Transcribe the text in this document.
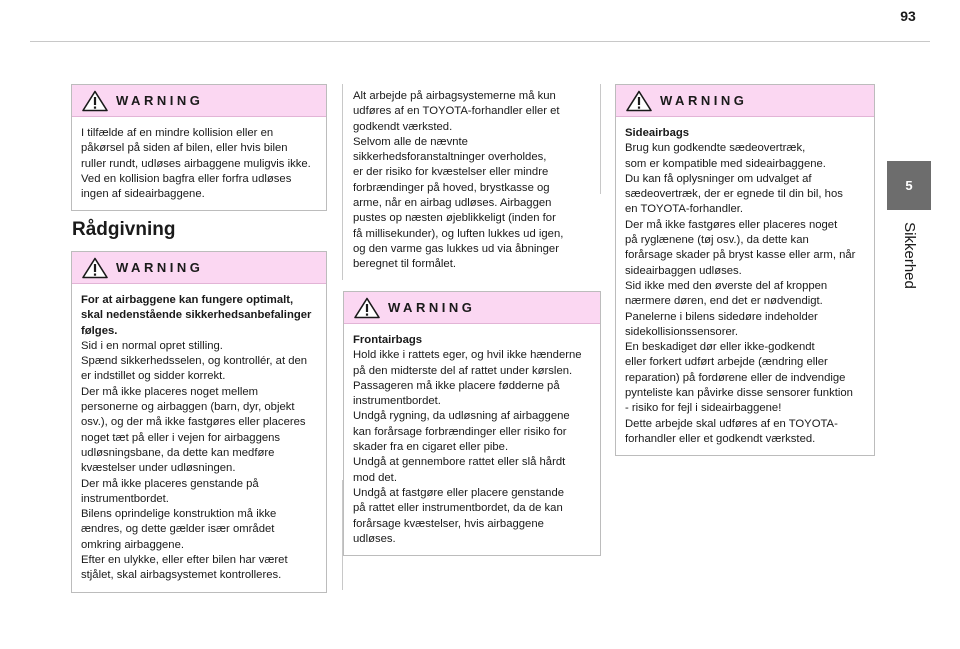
93
5
Sikkerhed
WARNING

I tilfælde af en mindre kollision eller en

påkørsel på siden af bilen, eller hvis bilen

ruller rundt, udløses airbaggene muligvis ikke.

Ved en kollision bagfra eller forfra udløses

ingen af sideairbaggene.

Rådgivning
WARNING

For at airbaggene kan fungere optimalt,

skal nedenstående sikkerhedsanbefalinger

følges.

Sid i en normal opret stilling.

Spænd sikkerhedsselen, og kontrollér, at den

er indstillet og sidder korrekt.

Der må ikke placeres noget mellem

personerne og airbaggen (barn, dyr, objekt

osv.), og der må ikke fastgøres eller placeres

noget tæt på eller i vejen for airbaggens

udløsningsbane, da dette kan medføre

kvæstelser under udløsningen.

Der må ikke placeres genstande på

instrumentbordet.

Bilens oprindelige konstruktion må ikke

ændres, og dette gælder især området

omkring airbaggene.

Efter en ulykke, eller efter bilen har været

stjålet, skal airbagsystemet kontrolleres.

Alt arbejde på airbagsystemerne må kun

udføres af en TOYOTA-forhandler eller et

godkendt værksted.

Selvom alle de nævnte

sikkerhedsforanstaltninger overholdes,

er der risiko for kvæstelser eller mindre

forbrændinger på hoved, brystkasse og

arme, når en airbag udløses. Airbaggen

pustes op næsten øjeblikkeligt (inden for

få millisekunder), og luften lukkes ud igen,

og den varme gas lukkes ud via åbninger

beregnet til formålet.

WARNING

Frontairbags

Hold ikke i rattets eger, og hvil ikke hænderne

på den midterste del af rattet under kørslen.

Passageren må ikke placere fødderne på

instrumentbordet.

Undgå rygning, da udløsning af airbaggene

kan forårsage forbrændinger eller risiko for

skader fra en cigaret eller pibe.

Undgå at gennembore rattet eller slå hårdt

mod det.

Undgå at fastgøre eller placere genstande

på rattet eller instrumentbordet, da de kan

forårsage kvæstelser, hvis airbaggene

udløses.

WARNING

Sideairbags

Brug kun godkendte sædeovertræk,

som er kompatible med sideairbaggene.

Du kan få oplysninger om udvalget af

sædeovertræk, der er egnede til din bil, hos

en TOYOTA-forhandler.

Der må ikke fastgøres eller placeres noget

på ryglænene (tøj osv.), da dette kan

forårsage skader på bryst kasse eller arm, når

sideairbaggen udløses.

Sid ikke med den øverste del af kroppen

nærmere døren, end det er nødvendigt.

Panelerne i bilens sidedøre indeholder

sidekollisionssensorer.

En beskadiget dør eller ikke-godkendt

eller forkert udført arbejde (ændring eller

reparation) på fordørene eller de indvendige

pynteliste kan påvirke disse sensorer funktion

- risiko for fejl i sideairbaggene!

Dette arbejde skal udføres af en TOYOTA-

forhandler eller et godkendt værksted.
